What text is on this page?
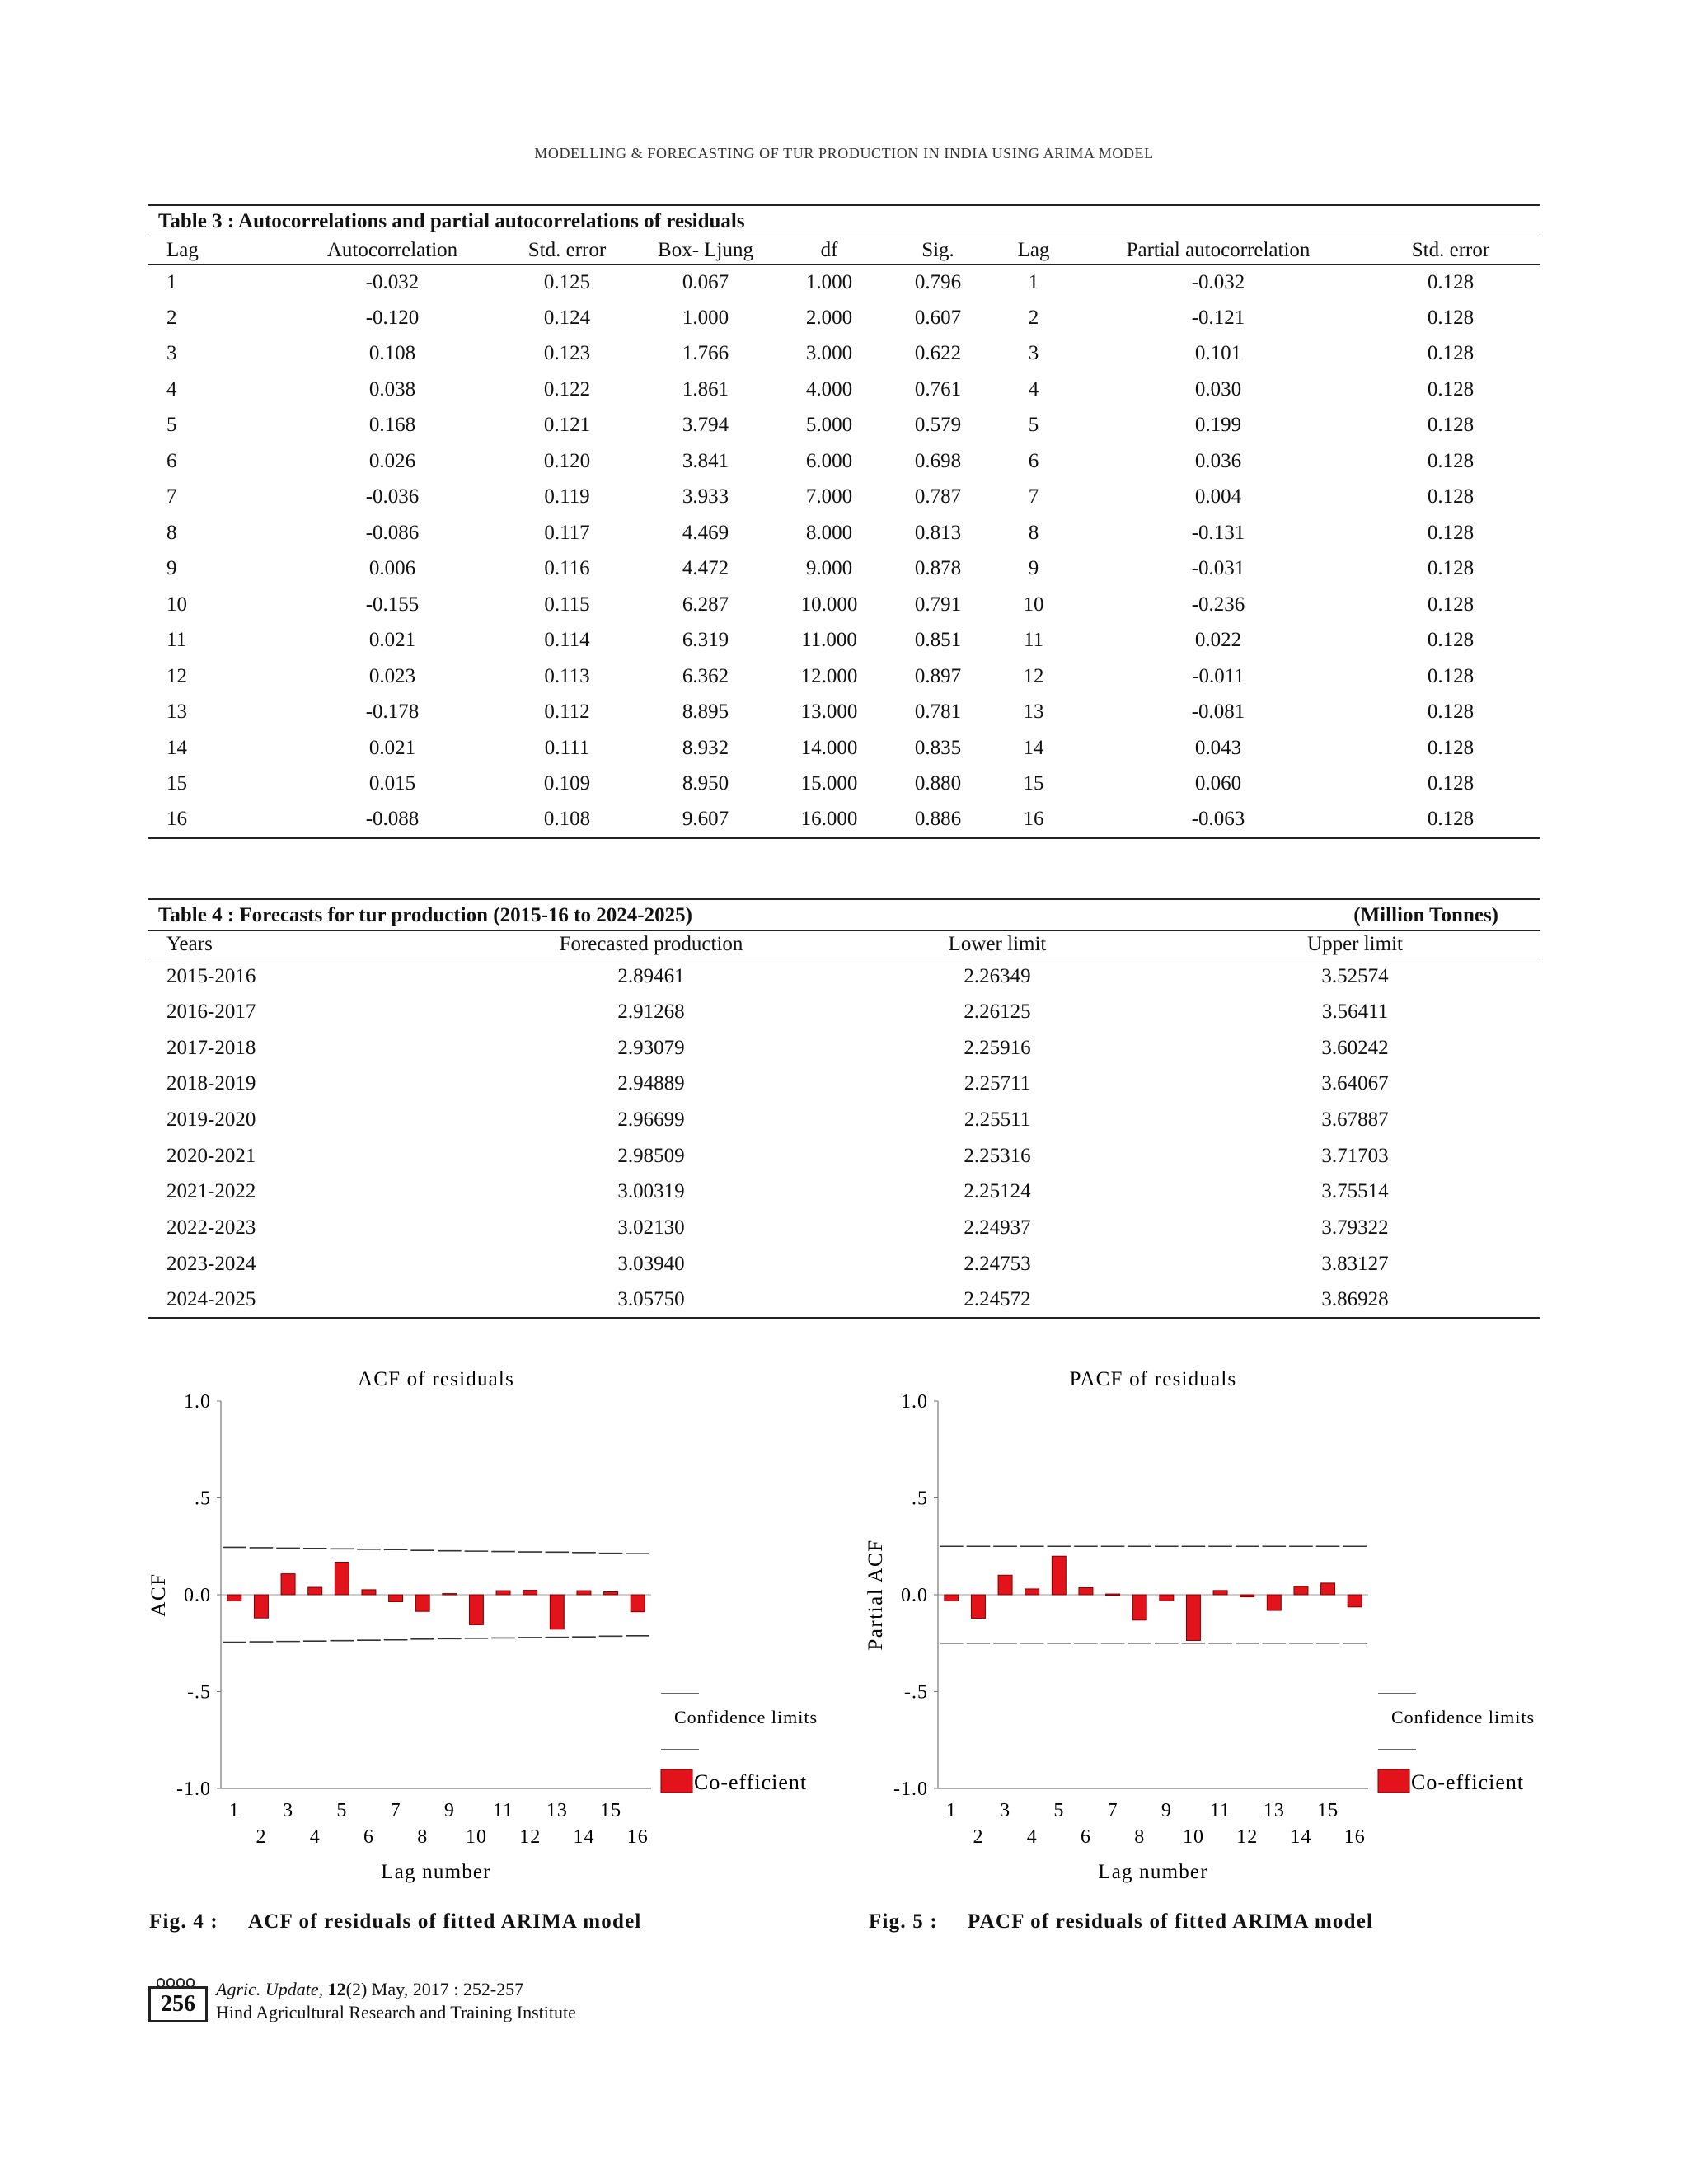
MODELLING & FORECASTING OF TUR PRODUCTION IN INDIA USING ARIMA MODEL
Table 3 : Autocorrelations and partial autocorrelations of residuals
Lag	Autocorrelation	Std. error	Box- Ljung	df	Sig.	Lag	Partial autocorrelation	Std. error
1	-0.032	0.125	0.067	1.000	0.796	1	-0.032	0.128
2	-0.120	0.124	1.000	2.000	0.607	2	-0.121	0.128
3	0.108	0.123	1.766	3.000	0.622	3	0.101	0.128
4	0.038	0.122	1.861	4.000	0.761	4	0.030	0.128
5	0.168	0.121	3.794	5.000	0.579	5	0.199	0.128
6	0.026	0.120	3.841	6.000	0.698	6	0.036	0.128
7	-0.036	0.119	3.933	7.000	0.787	7	0.004	0.128
8	-0.086	0.117	4.469	8.000	0.813	8	-0.131	0.128
9	0.006	0.116	4.472	9.000	0.878	9	-0.031	0.128
10	-0.155	0.115	6.287	10.000	0.791	10	-0.236	0.128
11	0.021	0.114	6.319	11.000	0.851	11	0.022	0.128
12	0.023	0.113	6.362	12.000	0.897	12	-0.011	0.128
13	-0.178	0.112	8.895	13.000	0.781	13	-0.081	0.128
14	0.021	0.111	8.932	14.000	0.835	14	0.043	0.128
15	0.015	0.109	8.950	15.000	0.880	15	0.060	0.128
16	-0.088	0.108	9.607	16.000	0.886	16	-0.063	0.128
Table 4 : Forecasts for tur production (2015-16 to 2024-2025)	(Million Tonnes)
Years	Forecasted production	Lower limit	Upper limit
2015-2016	2.89461	2.26349	3.52574
2016-2017	2.91268	2.26125	3.56411
2017-2018	2.93079	2.25916	3.60242
2018-2019	2.94889	2.25711	3.64067
2019-2020	2.96699	2.25511	3.67887
2020-2021	2.98509	2.25316	3.71703
2021-2022	3.00319	2.25124	3.75514
2022-2023	3.02130	2.24937	3.79322
2023-2024	3.03940	2.24753	3.83127
2024-2025	3.05750	2.24572	3.86928
ACF of residuals
1.0
.5
0.0
-.5
-1.0
1
2
3
4
5
6
7
8
9
10
11
12
13
14
15
16
Lag number
ACF
Confidence limits
Co-efficient
PACF of residuals
1.0
.5
0.0
-.5
-1.0
1
2
3
4
5
6
7
8
9
10
11
12
13
14
15
16
Lag number
Partial ACF
Confidence limits
Co-efficient
Fig. 4 : ACF of residuals of fitted ARIMA model	Fig. 5 : PACF of residuals of fitted ARIMA model
256
Agric. Update, 12(2) May, 2017 : 252-257
Hind Agricultural Research and Training Institute
